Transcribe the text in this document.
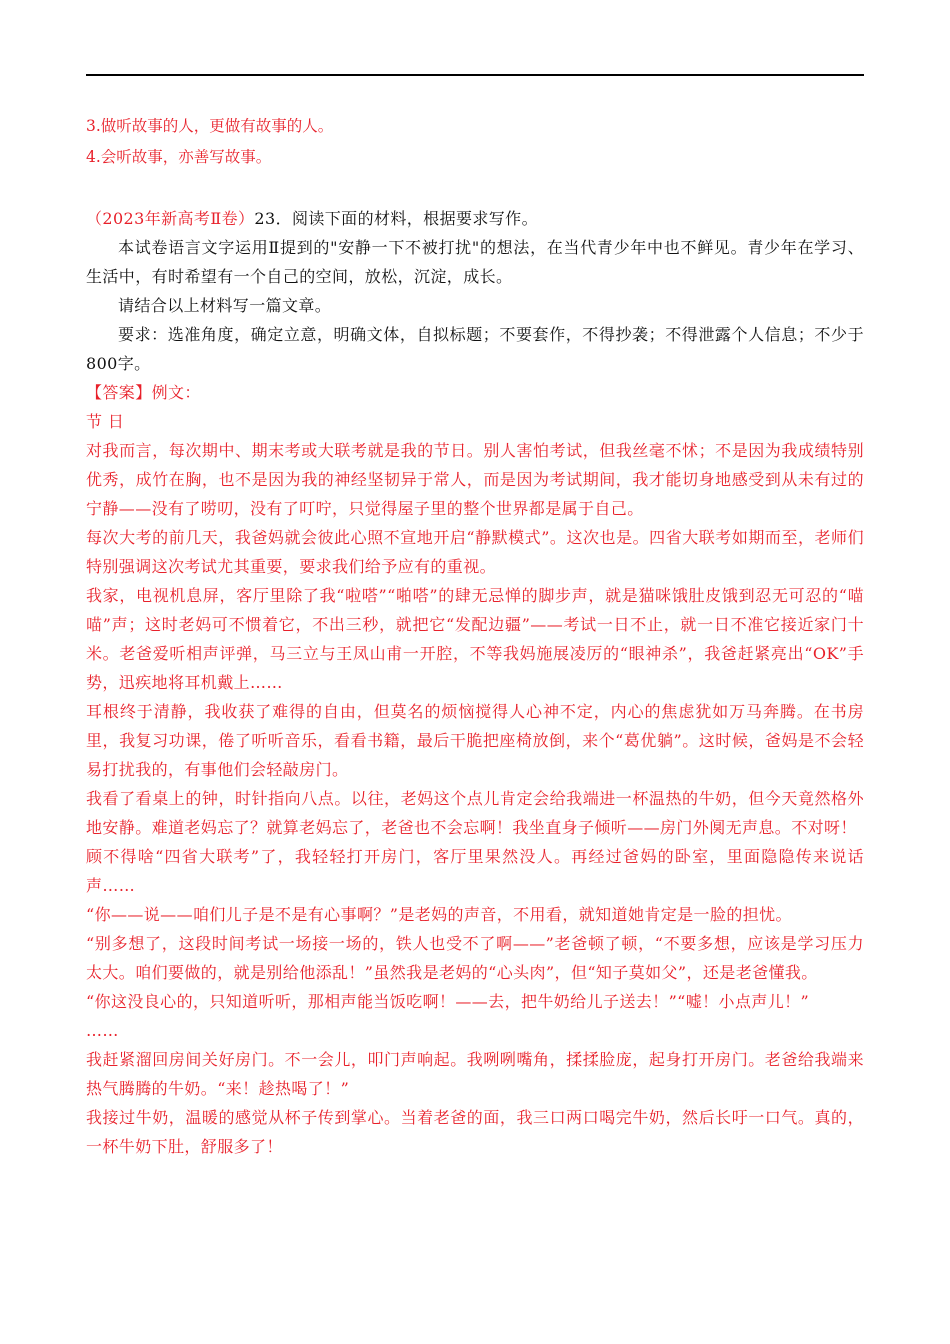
3.做听故事的人，更做有故事的人。

4.会听故事，亦善写故事。

（2023年新高考Ⅱ卷）23．阅读下面的材料，根据要求写作。

本试卷语言文字运用Ⅱ提到的"安静一下不被打扰"的想法，在当代青少年中也不鲜见。青少年在学习、生活中，有时希望有一个自己的空间，放松，沉淀，成长。

请结合以上材料写一篇文章。

要求：选准角度，确定立意，明确文体，自拟标题；不要套作，不得抄袭；不得泄露个人信息；不少于800字。

【答案】例文：

节 日

对我而言，每次期中、期末考或大联考就是我的节日。别人害怕考试，但我丝毫不怵；不是因为我成绩特别优秀，成竹在胸，也不是因为我的神经坚韧异于常人，而是因为考试期间，我才能切身地感受到从未有过的宁静——没有了唠叨，没有了叮咛，只觉得屋子里的整个世界都是属于自己。

每次大考的前几天，我爸妈就会彼此心照不宣地开启“静默模式”。这次也是。四省大联考如期而至，老师们特别强调这次考试尤其重要，要求我们给予应有的重视。

我家，电视机息屏，客厅里除了我“啦嗒”“啪嗒”的肆无忌惮的脚步声，就是猫咪饿肚皮饿到忍无可忍的“喵喵”声；这时老妈可不惯着它，不出三秒，就把它“发配边疆”——考试一日不止，就一日不准它接近家门十米。老爸爱听相声评弹，马三立与王凤山甫一开腔，不等我妈施展凌厉的“眼神杀”，我爸赶紧亮出“OK”手势，迅疾地将耳机戴上……

耳根终于清静，我收获了难得的自由，但莫名的烦恼搅得人心神不定，内心的焦虑犹如万马奔腾。在书房里，我复习功课，倦了听听音乐，看看书籍，最后干脆把座椅放倒，来个“葛优躺”。这时候，爸妈是不会轻易打扰我的，有事他们会轻敲房门。

我看了看桌上的钟，时针指向八点。以往，老妈这个点儿肯定会给我端进一杯温热的牛奶，但今天竟然格外地安静。难道老妈忘了？就算老妈忘了，老爸也不会忘啊！我坐直身子倾听——房门外阒无声息。不对呀！

顾不得啥“四省大联考”了，我轻轻打开房门，客厅里果然没人。再经过爸妈的卧室，里面隐隐传来说话声……

“你——说——咱们儿子是不是有心事啊？”是老妈的声音，不用看，就知道她肯定是一脸的担忧。

“别多想了，这段时间考试一场接一场的，铁人也受不了啊——”老爸顿了顿，“不要多想，应该是学习压力太大。咱们要做的，就是别给他添乱！”虽然我是老妈的“心头肉”，但“知子莫如父”，还是老爸懂我。

“你这没良心的，只知道听听，那相声能当饭吃啊！——去，把牛奶给儿子送去！”“嘘！小点声儿！”

……

我赶紧溜回房间关好房门。不一会儿，叩门声响起。我咧咧嘴角，揉揉脸庞，起身打开房门。老爸给我端来热气腾腾的牛奶。“来！趁热喝了！”

我接过牛奶，温暖的感觉从杯子传到掌心。当着老爸的面，我三口两口喝完牛奶，然后长吁一口气。真的，一杯牛奶下肚，舒服多了！
